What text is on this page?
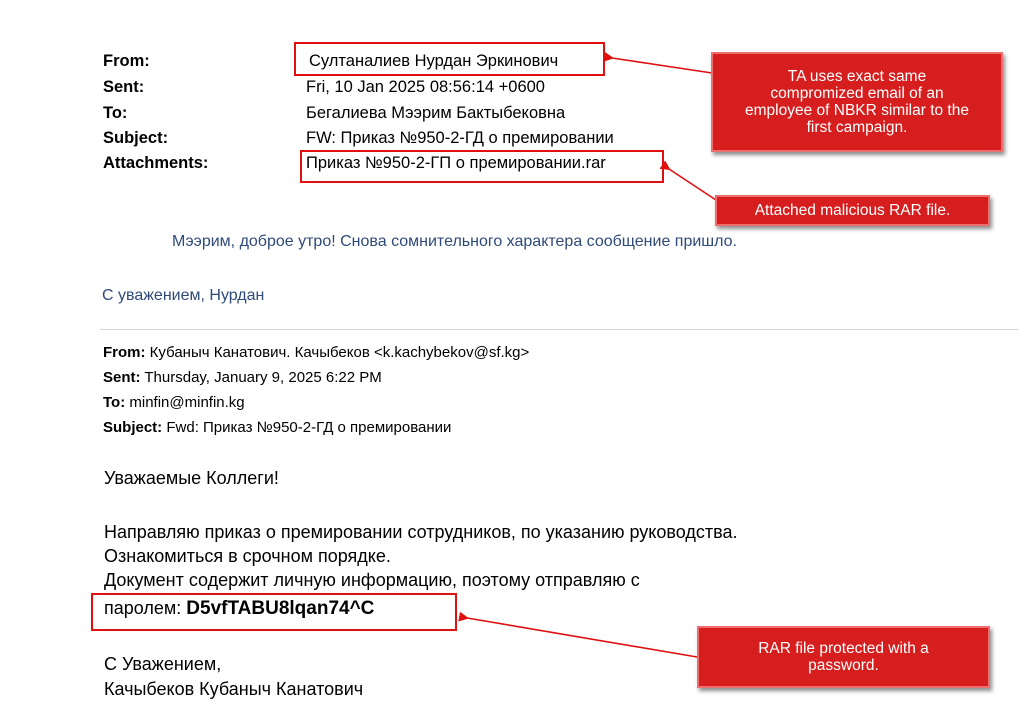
From:	Султаналиев Нурдан Эркинович
Sent:	Fri, 10 Jan 2025 08:56:14 +0600
To:	Бегалиева Мээрим Бактыбековна
Subject:	FW: Приказ №950-2-ГД о премировании
Attachments:	Приказ №950-2-ГП о премировании.rar
Мээрим, доброе утро! Снова сомнительного характера сообщение пришло.
С уважением, Нурдан
From: Кубаныч Канатович. Качыбеков <k.kachybekov@sf.kg>
Sent: Thursday, January 9, 2025 6:22 PM
To: minfin@minfin.kg
Subject: Fwd: Приказ №950-2-ГД о премировании
Уважаемые Коллеги!
Направляю приказ о премировании сотрудников, по указанию руководства.
Ознакомиться в срочном порядке.
Документ содержит личную информацию, поэтому отправляю с
паролем: D5vfTABU8lqan74^C
С Уважением,
Качыбеков Кубаныч Канатович
TA uses exact same
compromized email of an
employee of NBKR similar to the
first campaign.
Attached malicious RAR file.
RAR file protected with a
password.
